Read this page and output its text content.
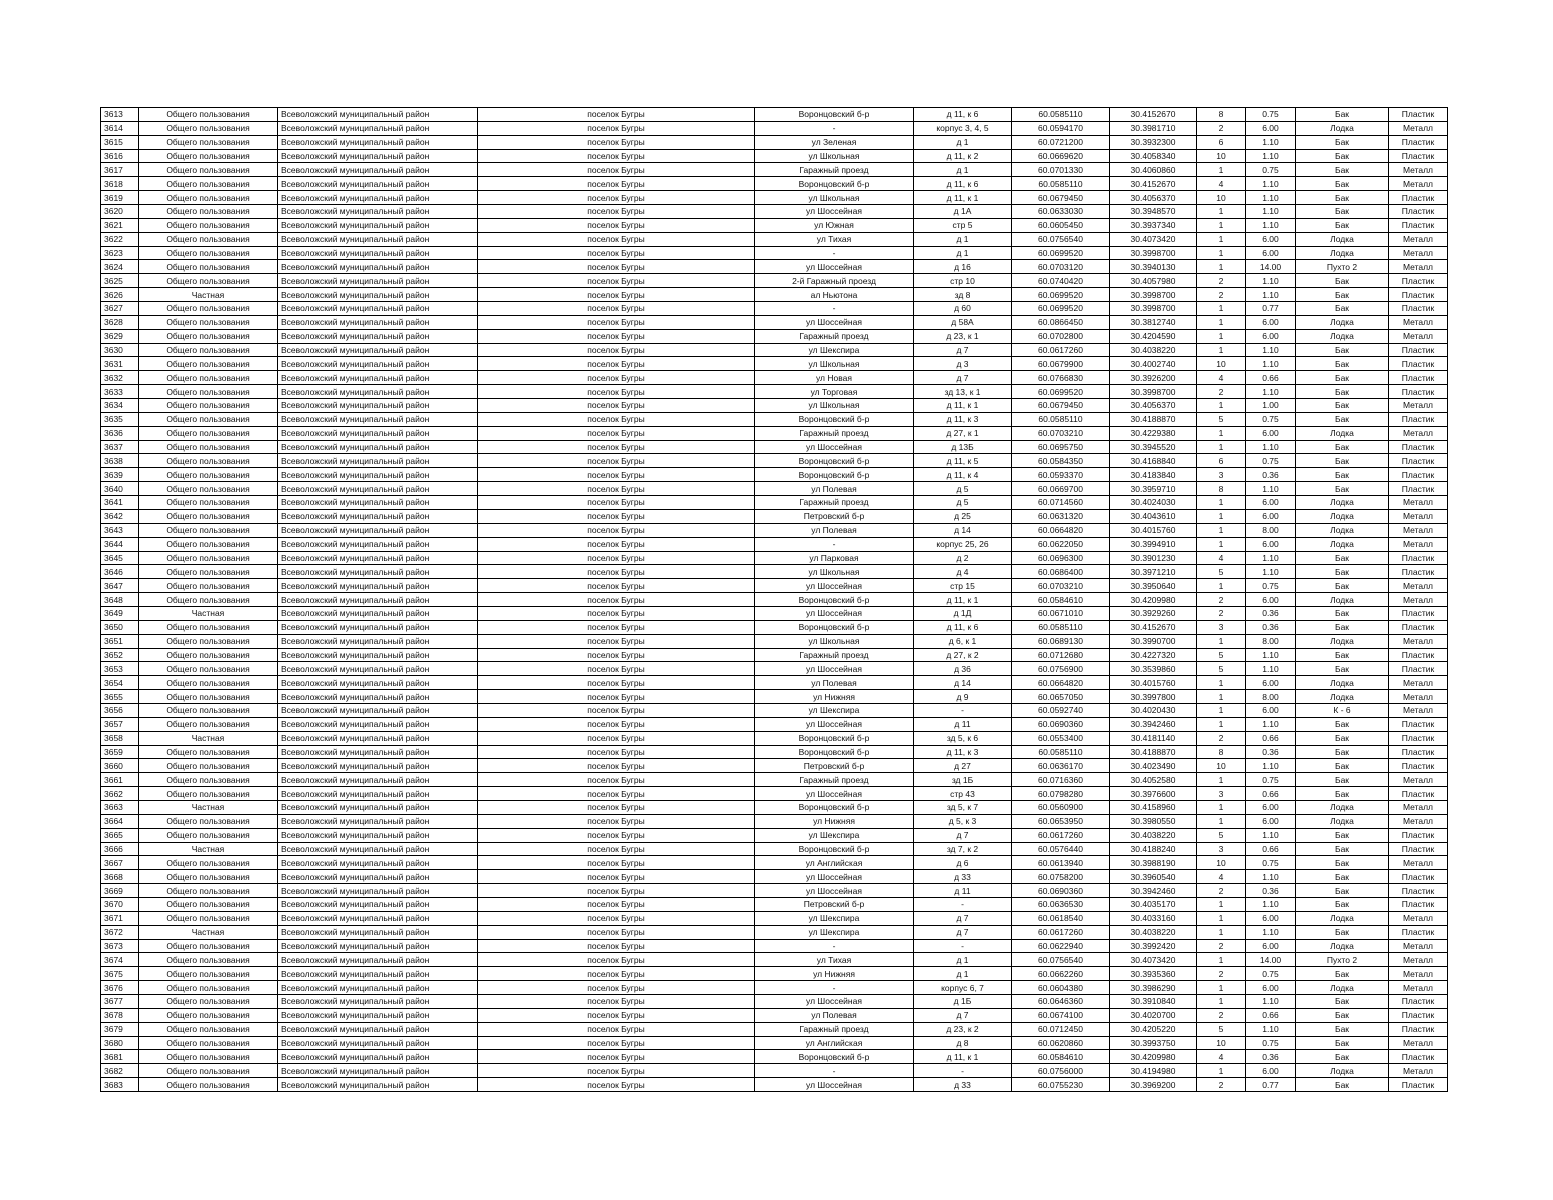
3613	Общего пользования	Всеволожский муниципальный район	поселок Бугры	Воронцовский б-р	д 11, к 6	60.0585110	30.4152670	8	0.75	Бак	Пластик
3614	Общего пользования	Всеволожский муниципальный район	поселок Бугры	-	корпус 3, 4, 5	60.0594170	30.3981710	2	6.00	Лодка	Металл
3615	Общего пользования	Всеволожский муниципальный район	поселок Бугры	ул Зеленая	д 1	60.0721200	30.3932300	6	1.10	Бак	Пластик
3616	Общего пользования	Всеволожский муниципальный район	поселок Бугры	ул Школьная	д 11, к 2	60.0669620	30.4058340	10	1.10	Бак	Пластик
3617	Общего пользования	Всеволожский муниципальный район	поселок Бугры	Гаражный проезд	д 1	60.0701330	30.4060860	1	0.75	Бак	Металл
3618	Общего пользования	Всеволожский муниципальный район	поселок Бугры	Воронцовский б-р	д 11, к 6	60.0585110	30.4152670	4	1.10	Бак	Металл
3619	Общего пользования	Всеволожский муниципальный район	поселок Бугры	ул Школьная	д 11, к 1	60.0679450	30.4056370	10	1.10	Бак	Пластик
3620	Общего пользования	Всеволожский муниципальный район	поселок Бугры	ул Шоссейная	д 1А	60.0633030	30.3948570	1	1.10	Бак	Пластик
3621	Общего пользования	Всеволожский муниципальный район	поселок Бугры	ул Южная	стр 5	60.0605450	30.3937340	1	1.10	Бак	Пластик
3622	Общего пользования	Всеволожский муниципальный район	поселок Бугры	ул Тихая	д 1	60.0756540	30.4073420	1	6.00	Лодка	Металл
3623	Общего пользования	Всеволожский муниципальный район	поселок Бугры	-	д 1	60.0699520	30.3998700	1	6.00	Лодка	Металл
3624	Общего пользования	Всеволожский муниципальный район	поселок Бугры	ул Шоссейная	д 16	60.0703120	30.3940130	1	14.00	Пухто 2	Металл
3625	Общего пользования	Всеволожский муниципальный район	поселок Бугры	2-й Гаражный проезд	стр 10	60.0740420	30.4057980	2	1.10	Бак	Пластик
3626	Частная	Всеволожский муниципальный район	поселок Бугры	ал Ньютона	зд 8	60.0699520	30.3998700	2	1.10	Бак	Пластик
3627	Общего пользования	Всеволожский муниципальный район	поселок Бугры	-	д 60	60.0699520	30.3998700	1	0.77	Бак	Пластик
3628	Общего пользования	Всеволожский муниципальный район	поселок Бугры	ул Шоссейная	д 58А	60.0866450	30.3812740	1	6.00	Лодка	Металл
3629	Общего пользования	Всеволожский муниципальный район	поселок Бугры	Гаражный проезд	д 23, к 1	60.0702800	30.4204590	1	6.00	Лодка	Металл
3630	Общего пользования	Всеволожский муниципальный район	поселок Бугры	ул Шекспира	д 7	60.0617260	30.4038220	1	1.10	Бак	Пластик
3631	Общего пользования	Всеволожский муниципальный район	поселок Бугры	ул Школьная	д 3	60.0679900	30.4002740	10	1.10	Бак	Пластик
3632	Общего пользования	Всеволожский муниципальный район	поселок Бугры	ул Новая	д 7	60.0766830	30.3926200	4	0.66	Бак	Пластик
3633	Общего пользования	Всеволожский муниципальный район	поселок Бугры	ул Торговая	зд 13, к 1	60.0699520	30.3998700	2	1.10	Бак	Пластик
3634	Общего пользования	Всеволожский муниципальный район	поселок Бугры	ул Школьная	д 11, к 1	60.0679450	30.4056370	1	1.00	Бак	Металл
3635	Общего пользования	Всеволожский муниципальный район	поселок Бугры	Воронцовский б-р	д 11, к 3	60.0585110	30.4188870	5	0.75	Бак	Пластик
3636	Общего пользования	Всеволожский муниципальный район	поселок Бугры	Гаражный проезд	д 27, к 1	60.0703210	30.4229380	1	6.00	Лодка	Металл
3637	Общего пользования	Всеволожский муниципальный район	поселок Бугры	ул Шоссейная	д 13Б	60.0695750	30.3945520	1	1.10	Бак	Пластик
3638	Общего пользования	Всеволожский муниципальный район	поселок Бугры	Воронцовский б-р	д 11, к 5	60.0584350	30.4168840	6	0.75	Бак	Пластик
3639	Общего пользования	Всеволожский муниципальный район	поселок Бугры	Воронцовский б-р	д 11, к 4	60.0593370	30.4183840	3	0.36	Бак	Пластик
3640	Общего пользования	Всеволожский муниципальный район	поселок Бугры	ул Полевая	д 5	60.0669700	30.3959710	8	1.10	Бак	Пластик
3641	Общего пользования	Всеволожский муниципальный район	поселок Бугры	Гаражный проезд	д 5	60.0714560	30.4024030	1	6.00	Лодка	Металл
3642	Общего пользования	Всеволожский муниципальный район	поселок Бугры	Петровский б-р	д 25	60.0631320	30.4043610	1	6.00	Лодка	Металл
3643	Общего пользования	Всеволожский муниципальный район	поселок Бугры	ул Полевая	д 14	60.0664820	30.4015760	1	8.00	Лодка	Металл
3644	Общего пользования	Всеволожский муниципальный район	поселок Бугры	-	корпус 25, 26	60.0622050	30.3994910	1	6.00	Лодка	Металл
3645	Общего пользования	Всеволожский муниципальный район	поселок Бугры	ул Парковая	д 2	60.0696300	30.3901230	4	1.10	Бак	Пластик
3646	Общего пользования	Всеволожский муниципальный район	поселок Бугры	ул Школьная	д 4	60.0686400	30.3971210	5	1.10	Бак	Пластик
3647	Общего пользования	Всеволожский муниципальный район	поселок Бугры	ул Шоссейная	стр 15	60.0703210	30.3950640	1	0.75	Бак	Металл
3648	Общего пользования	Всеволожский муниципальный район	поселок Бугры	Воронцовский б-р	д 11, к 1	60.0584610	30.4209980	2	6.00	Лодка	Металл
3649	Частная	Всеволожский муниципальный район	поселок Бугры	ул Шоссейная	д 1Д	60.0671010	30.3929260	2	0.36	Бак	Пластик
3650	Общего пользования	Всеволожский муниципальный район	поселок Бугры	Воронцовский б-р	д 11, к 6	60.0585110	30.4152670	3	0.36	Бак	Пластик
3651	Общего пользования	Всеволожский муниципальный район	поселок Бугры	ул Школьная	д 6, к 1	60.0689130	30.3990700	1	8.00	Лодка	Металл
3652	Общего пользования	Всеволожский муниципальный район	поселок Бугры	Гаражный проезд	д 27, к 2	60.0712680	30.4227320	5	1.10	Бак	Пластик
3653	Общего пользования	Всеволожский муниципальный район	поселок Бугры	ул Шоссейная	д 36	60.0756900	30.3539860	5	1.10	Бак	Пластик
3654	Общего пользования	Всеволожский муниципальный район	поселок Бугры	ул Полевая	д 14	60.0664820	30.4015760	1	6.00	Лодка	Металл
3655	Общего пользования	Всеволожский муниципальный район	поселок Бугры	ул Нижняя	д 9	60.0657050	30.3997800	1	8.00	Лодка	Металл
3656	Общего пользования	Всеволожский муниципальный район	поселок Бугры	ул Шекспира	-	60.0592740	30.4020430	1	6.00	К - 6	Металл
3657	Общего пользования	Всеволожский муниципальный район	поселок Бугры	ул Шоссейная	д 11	60.0690360	30.3942460	1	1.10	Бак	Пластик
3658	Частная	Всеволожский муниципальный район	поселок Бугры	Воронцовский б-р	зд 5, к 6	60.0553400	30.4181140	2	0.66	Бак	Пластик
3659	Общего пользования	Всеволожский муниципальный район	поселок Бугры	Воронцовский б-р	д 11, к 3	60.0585110	30.4188870	8	0.36	Бак	Пластик
3660	Общего пользования	Всеволожский муниципальный район	поселок Бугры	Петровский б-р	д 27	60.0636170	30.4023490	10	1.10	Бак	Пластик
3661	Общего пользования	Всеволожский муниципальный район	поселок Бугры	Гаражный проезд	зд 1Б	60.0716360	30.4052580	1	0.75	Бак	Металл
3662	Общего пользования	Всеволожский муниципальный район	поселок Бугры	ул Шоссейная	стр 43	60.0798280	30.3976600	3	0.66	Бак	Пластик
3663	Частная	Всеволожский муниципальный район	поселок Бугры	Воронцовский б-р	зд 5, к 7	60.0560900	30.4158960	1	6.00	Лодка	Металл
3664	Общего пользования	Всеволожский муниципальный район	поселок Бугры	ул Нижняя	д 5, к 3	60.0653950	30.3980550	1	6.00	Лодка	Металл
3665	Общего пользования	Всеволожский муниципальный район	поселок Бугры	ул Шекспира	д 7	60.0617260	30.4038220	5	1.10	Бак	Пластик
3666	Частная	Всеволожский муниципальный район	поселок Бугры	Воронцовский б-р	зд 7, к 2	60.0576440	30.4188240	3	0.66	Бак	Пластик
3667	Общего пользования	Всеволожский муниципальный район	поселок Бугры	ул Английская	д 6	60.0613940	30.3988190	10	0.75	Бак	Металл
3668	Общего пользования	Всеволожский муниципальный район	поселок Бугры	ул Шоссейная	д 33	60.0758200	30.3960540	4	1.10	Бак	Пластик
3669	Общего пользования	Всеволожский муниципальный район	поселок Бугры	ул Шоссейная	д 11	60.0690360	30.3942460	2	0.36	Бак	Пластик
3670	Общего пользования	Всеволожский муниципальный район	поселок Бугры	Петровский б-р	-	60.0636530	30.4035170	1	1.10	Бак	Пластик
3671	Общего пользования	Всеволожский муниципальный район	поселок Бугры	ул Шекспира	д 7	60.0618540	30.4033160	1	6.00	Лодка	Металл
3672	Частная	Всеволожский муниципальный район	поселок Бугры	ул Шекспира	д 7	60.0617260	30.4038220	1	1.10	Бак	Пластик
3673	Общего пользования	Всеволожский муниципальный район	поселок Бугры	-	-	60.0622940	30.3992420	2	6.00	Лодка	Металл
3674	Общего пользования	Всеволожский муниципальный район	поселок Бугры	ул Тихая	д 1	60.0756540	30.4073420	1	14.00	Пухто 2	Металл
3675	Общего пользования	Всеволожский муниципальный район	поселок Бугры	ул Нижняя	д 1	60.0662260	30.3935360	2	0.75	Бак	Металл
3676	Общего пользования	Всеволожский муниципальный район	поселок Бугры	-	корпус 6, 7	60.0604380	30.3986290	1	6.00	Лодка	Металл
3677	Общего пользования	Всеволожский муниципальный район	поселок Бугры	ул Шоссейная	д 1Б	60.0646360	30.3910840	1	1.10	Бак	Пластик
3678	Общего пользования	Всеволожский муниципальный район	поселок Бугры	ул Полевая	д 7	60.0674100	30.4020700	2	0.66	Бак	Пластик
3679	Общего пользования	Всеволожский муниципальный район	поселок Бугры	Гаражный проезд	д 23, к 2	60.0712450	30.4205220	5	1.10	Бак	Пластик
3680	Общего пользования	Всеволожский муниципальный район	поселок Бугры	ул Английская	д 8	60.0620860	30.3993750	10	0.75	Бак	Металл
3681	Общего пользования	Всеволожский муниципальный район	поселок Бугры	Воронцовский б-р	д 11, к 1	60.0584610	30.4209980	4	0.36	Бак	Пластик
3682	Общего пользования	Всеволожский муниципальный район	поселок Бугры	-	-	60.0756000	30.4194980	1	6.00	Лодка	Металл
3683	Общего пользования	Всеволожский муниципальный район	поселок Бугры	ул Шоссейная	д 33	60.0755230	30.3969200	2	0.77	Бак	Пластик
